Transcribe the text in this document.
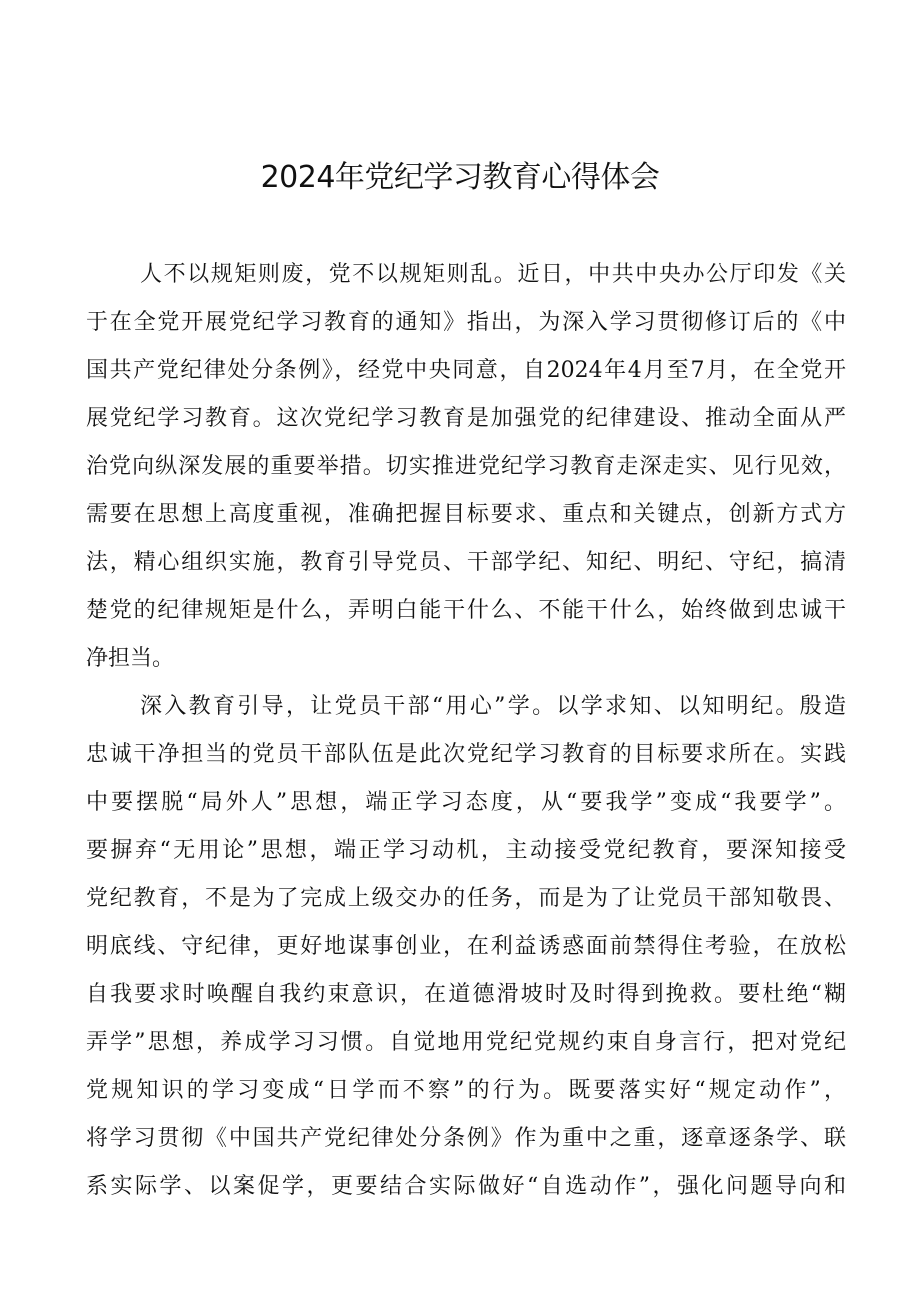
2024年党纪学习教育心得体会
人不以规矩则废，党不以规矩则乱。近日，中共中央办公厅印发《关
于在全党开展党纪学习教育的通知》指出，为深入学习贯彻修订后的《中
国共产党纪律处分条例》，经党中央同意，自2024年4月至7月，在全党开
展党纪学习教育。这次党纪学习教育是加强党的纪律建设、推动全面从严
治党向纵深发展的重要举措。切实推进党纪学习教育走深走实、见行见效，
需要在思想上高度重视，准确把握目标要求、重点和关键点，创新方式方
法，精心组织实施，教育引导党员、干部学纪、知纪、明纪、守纪，搞清
楚党的纪律规矩是什么，弄明白能干什么、不能干什么，始终做到忠诚干
净担当。
深入教育引导，让党员干部“用心”学。以学求知、以知明纪。殷造
忠诚干净担当的党员干部队伍是此次党纪学习教育的目标要求所在。实践
中要摆脱“局外人”思想，端正学习态度，从“要我学”变成“我要学”。
要摒弃“无用论”思想，端正学习动机，主动接受党纪教育，要深知接受
党纪教育，不是为了完成上级交办的任务，而是为了让党员干部知敬畏、
明底线、守纪律，更好地谋事创业，在利益诱惑面前禁得住考验，在放松
自我要求时唤醒自我约束意识，在道德滑坡时及时得到挽救。要杜绝“糊
弄学”思想，养成学习习惯。自觉地用党纪党规约束自身言行，把对党纪
党规知识的学习变成“日学而不察”的行为。既要落实好“规定动作”，
将学习贯彻《中国共产党纪律处分条例》作为重中之重，逐章逐条学、联
系实际学、以案促学，更要结合实际做好“自选动作”，强化问题导向和
